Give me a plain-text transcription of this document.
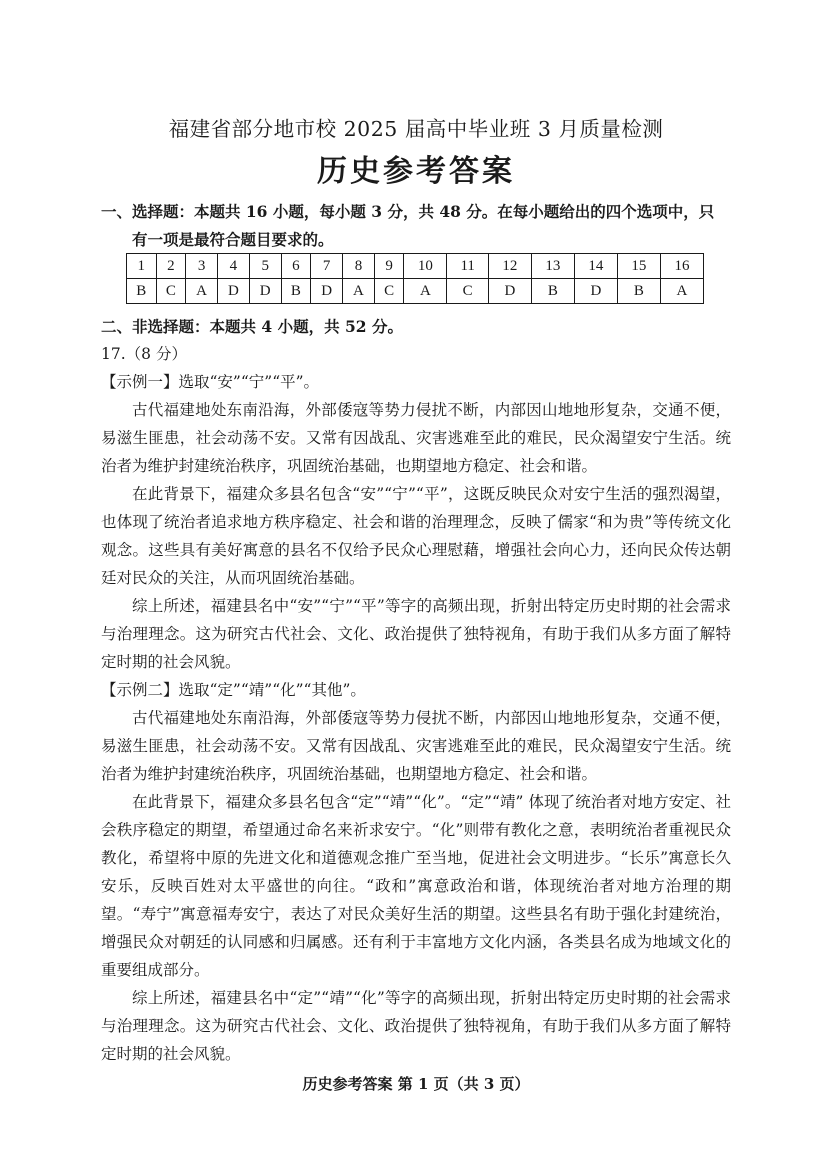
福建省部分地市校 2025 届高中毕业班 3 月质量检测
历史参考答案
一、选择题：本题共 16 小题，每小题 3 分，共 48 分。在每小题给出的四个选项中，只
有一项是最符合题目要求的。
1	2	3	4	5	6	7	8	9	10	11	12	13	14	15	16
B	C	A	D	D	B	D	A	C	A	C	D	B	D	B	A
二、非选择题：本题共 4 小题，共 52 分。
17.（8 分）
【示例一】选取“安”“宁”“平”。
古代福建地处东南沿海，外部倭寇等势力侵扰不断，内部因山地地形复杂，交通不便，易滋生匪患，社会动荡不安。又常有因战乱、灾害逃难至此的难民，民众渴望安宁生活。统治者为维护封建统治秩序，巩固统治基础，也期望地方稳定、社会和谐。
在此背景下，福建众多县名包含“安”“宁”“平”，这既反映民众对安宁生活的强烈渴望，也体现了统治者追求地方秩序稳定、社会和谐的治理理念，反映了儒家“和为贵”等传统文化观念。这些具有美好寓意的县名不仅给予民众心理慰藉，增强社会向心力，还向民众传达朝廷对民众的关注，从而巩固统治基础。
综上所述，福建县名中“安”“宁”“平”等字的高频出现，折射出特定历史时期的社会需求与治理理念。这为研究古代社会、文化、政治提供了独特视角，有助于我们从多方面了解特定时期的社会风貌。
【示例二】选取“定”“靖”“化”“其他”。
古代福建地处东南沿海，外部倭寇等势力侵扰不断，内部因山地地形复杂，交通不便，易滋生匪患，社会动荡不安。又常有因战乱、灾害逃难至此的难民，民众渴望安宁生活。统治者为维护封建统治秩序，巩固统治基础，也期望地方稳定、社会和谐。
在此背景下，福建众多县名包含“定”“靖”“化”。“定”“靖” 体现了统治者对地方安定、社会秩序稳定的期望，希望通过命名来祈求安宁。“化”则带有教化之意，表明统治者重视民众教化，希望将中原的先进文化和道德观念推广至当地，促进社会文明进步。“长乐”寓意长久安乐，反映百姓对太平盛世的向往。“政和”寓意政治和谐，体现统治者对地方治理的期望。“寿宁”寓意福寿安宁，表达了对民众美好生活的期望。这些县名有助于强化封建统治，增强民众对朝廷的认同感和归属感。还有利于丰富地方文化内涵，各类县名成为地域文化的重要组成部分。
综上所述，福建县名中“定”“靖”“化”等字的高频出现，折射出特定历史时期的社会需求与治理理念。这为研究古代社会、文化、政治提供了独特视角，有助于我们从多方面了解特定时期的社会风貌。
历史参考答案 第 1 页（共 3 页）
